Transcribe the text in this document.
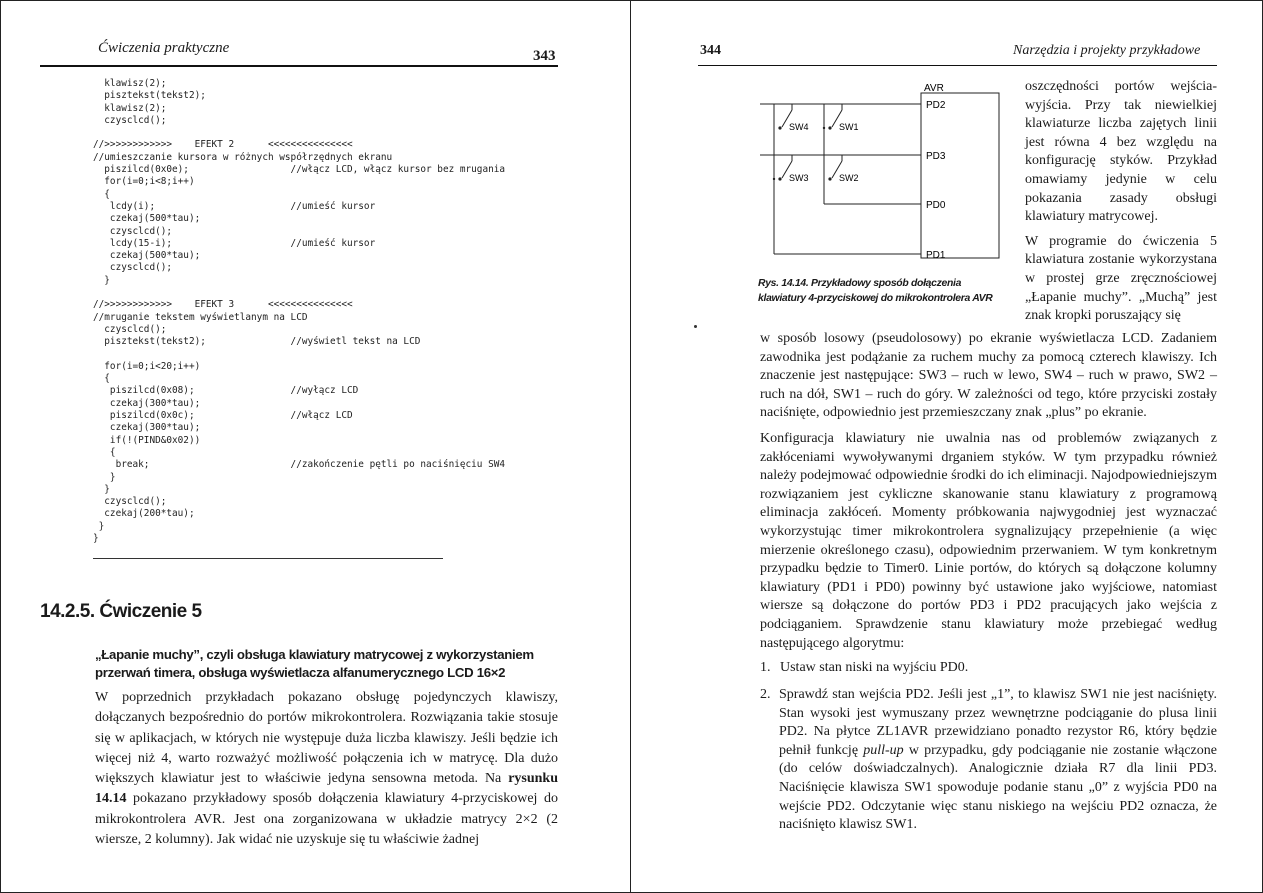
Ćwiczenia praktyczne	343
klawisz(2);
pisztekst(tekst2);
klawisz(2);
czysclcd();
//>>>>>>>>>>>>    EFEKT 2      <<<<<<<<<<<<<<<
//umieszczanie kursora w różnych współrzędnych ekranu
piszilcd(0x0e);                  //włącz LCD, włącz kursor bez mrugania
for(i=0;i<8;i++)
{
lcdy(i);                        //umieść kursor
czekaj(500*tau);
czysclcd();
lcdy(15-i);                     //umieść kursor
czekaj(500*tau);
czysclcd();
}
//>>>>>>>>>>>>    EFEKT 3      <<<<<<<<<<<<<<<
//mruganie tekstem wyświetlanym na LCD
czysclcd();
pisztekst(tekst2);               //wyświetl tekst na LCD
for(i=0;i<20;i++)
{
piszilcd(0x08);                 //wyłącz LCD
czekaj(300*tau);
piszilcd(0x0c);                 //włącz LCD
czekaj(300*tau);
if(!(PIND&0x02))
{
break;                         //zakończenie pętli po naciśnięciu SW4
}
}
czysclcd();
czekaj(200*tau);
}
}
14.2.5. Ćwiczenie 5
„Łapanie muchy”, czyli obsługa klawiatury matrycowej z wykorzystaniem przerwań timera, obsługa wyświetlacza alfanumerycznego LCD 16×2
W poprzednich przykładach pokazano obsługę pojedynczych klawiszy, dołączanych bezpośrednio do portów mikrokontrolera. Rozwiązania takie stosuje się w aplikacjach, w których nie występuje duża liczba klawiszy. Jeśli będzie ich więcej niż 4, warto rozważyć możliwość połączenia ich w matrycę. Dla dużo większych klawiatur jest to właściwie jedyna sensowna metoda. Na rysunku 14.14 pokazano przykładowy sposób dołączenia klawiatury 4-przyciskowej do mikrokontrolera AVR. Jest ona zorganizowana w układzie matrycy 2×2 (2 wiersze, 2 kolumny). Jak widać nie uzyskuje się tu właściwie żadnej
344	Narzędzia i projekty przykładowe
AVR
PD2
PD3
PD0
PD1
SW4	SW1
SW3	SW2
Rys. 14.14. Przykładowy sposób dołączenia klawiatury 4-przyciskowej do mikrokontrolera AVR

oszczędności portów wejścia-wyjścia. Przy tak niewielkiej klawiaturze liczba zajętych linii jest równa 4 bez względu na konfigurację styków. Przykład omawiamy jedynie w celu pokazania zasady obsługi klawiatury matrycowej.

W programie do ćwiczenia 5 klawiatura zostanie wykorzystana w prostej grze zręcznościowej „Łapanie muchy”. „Muchą” jest znak kropki poruszający się

w sposób losowy (pseudolosowy) po ekranie wyświetlacza LCD. Zadaniem zawodnika jest podążanie za ruchem muchy za pomocą czterech klawiszy. Ich znaczenie jest następujące: SW3 – ruch w lewo, SW4 – ruch w prawo, SW2 – ruch na dół, SW1 – ruch do góry. W zależności od tego, które przyciski zostały naciśnięte, odpowiednio jest przemieszczany znak „plus” po ekranie.
Konfiguracja klawiatury nie uwalnia nas od problemów związanych z zakłóceniami wywoływanymi drganiem styków. W tym przypadku również należy podejmować odpowiednie środki do ich eliminacji. Najodpowiedniejszym rozwiązaniem jest cykliczne skanowanie stanu klawiatury z programową eliminacja zakłóceń. Momenty próbkowania najwygodniej jest wyznaczać wykorzystując timer mikrokontrolera sygnalizujący przepełnienie (a więc mierzenie określonego czasu), odpowiednim przerwaniem. W tym konkretnym przypadku będzie to Timer0. Linie portów, do których są dołączone kolumny klawiatury (PD1 i PD0) powinny być ustawione jako wyjściowe, natomiast wiersze są dołączone do portów PD3 i PD2 pracujących jako wejścia z podciąganiem. Sprawdzenie stanu klawiatury może przebiegać według następującego algorytmu:
1. Ustaw stan niski na wyjściu PD0.
2. Sprawdź stan wejścia PD2. Jeśli jest „1”, to klawisz SW1 nie jest naciśnięty. Stan wysoki jest wymuszany przez wewnętrzne podciąganie do plusa linii PD2. Na płytce ZL1AVR przewidziano ponadto rezystor R6, który będzie pełnił funkcję pull-up w przypadku, gdy podciąganie nie zostanie włączone (do celów doświadczalnych). Analogicznie działa R7 dla linii PD3. Naciśnięcie klawisza SW1 spowoduje podanie stanu „0” z wyjścia PD0 na wejście PD2. Odczytanie więc stanu niskiego na wejściu PD2 oznacza, że naciśnięto klawisz SW1.
